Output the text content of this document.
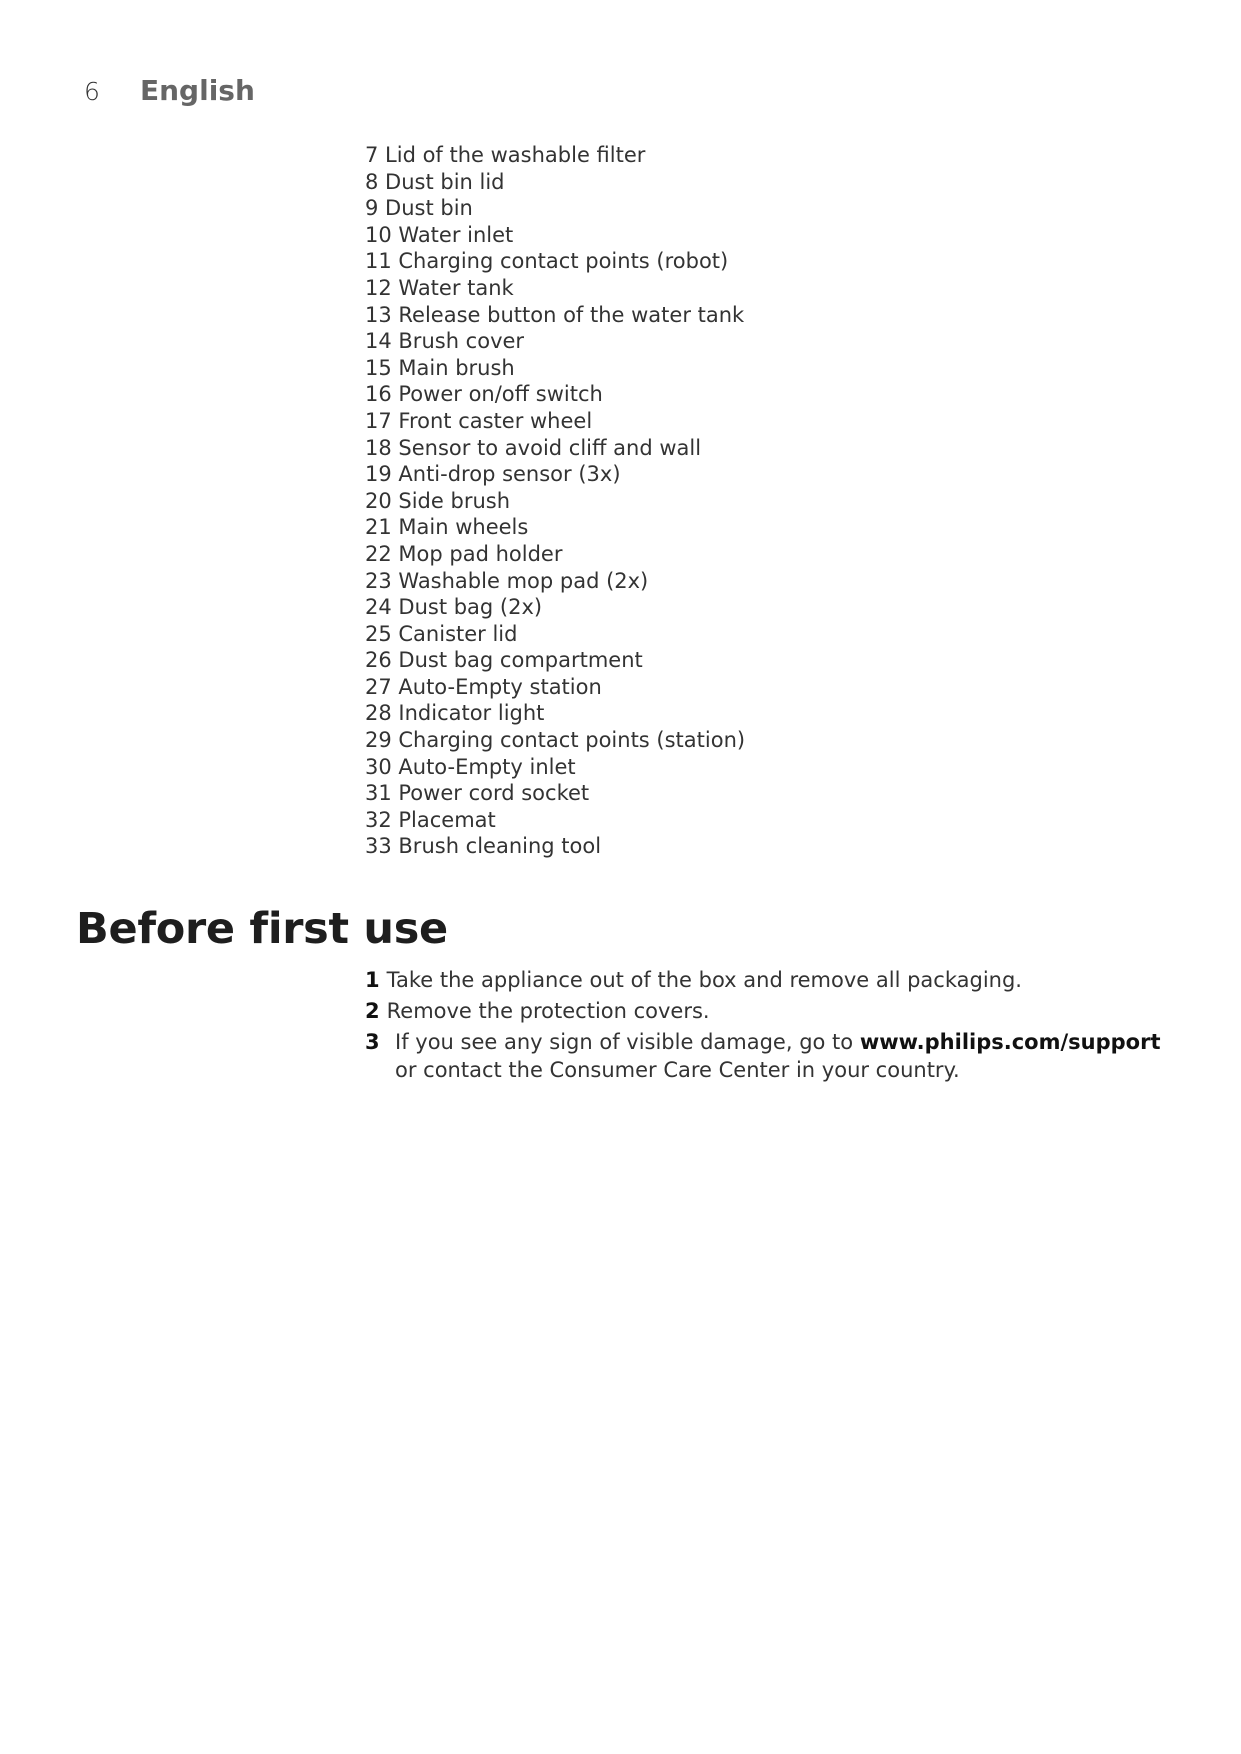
6	English
7 Lid of the washable filter
8 Dust bin lid
9 Dust bin
10 Water inlet
11 Charging contact points (robot)
12 Water tank
13 Release button of the water tank
14 Brush cover
15 Main brush
16 Power on/off switch
17 Front caster wheel
18 Sensor to avoid cliff and wall
19 Anti-drop sensor (3x)
20 Side brush
21 Main wheels
22 Mop pad holder
23 Washable mop pad (2x)
24 Dust bag (2x)
25 Canister lid
26 Dust bag compartment
27 Auto-Empty station
28 Indicator light
29 Charging contact points (station)
30 Auto-Empty inlet
31 Power cord socket
32 Placemat
33 Brush cleaning tool
Before first use
1 Take the appliance out of the box and remove all packaging.
2 Remove the protection covers.
3 If you see any sign of visible damage, go to www.philips.com/support or contact the Consumer Care Center in your country.
